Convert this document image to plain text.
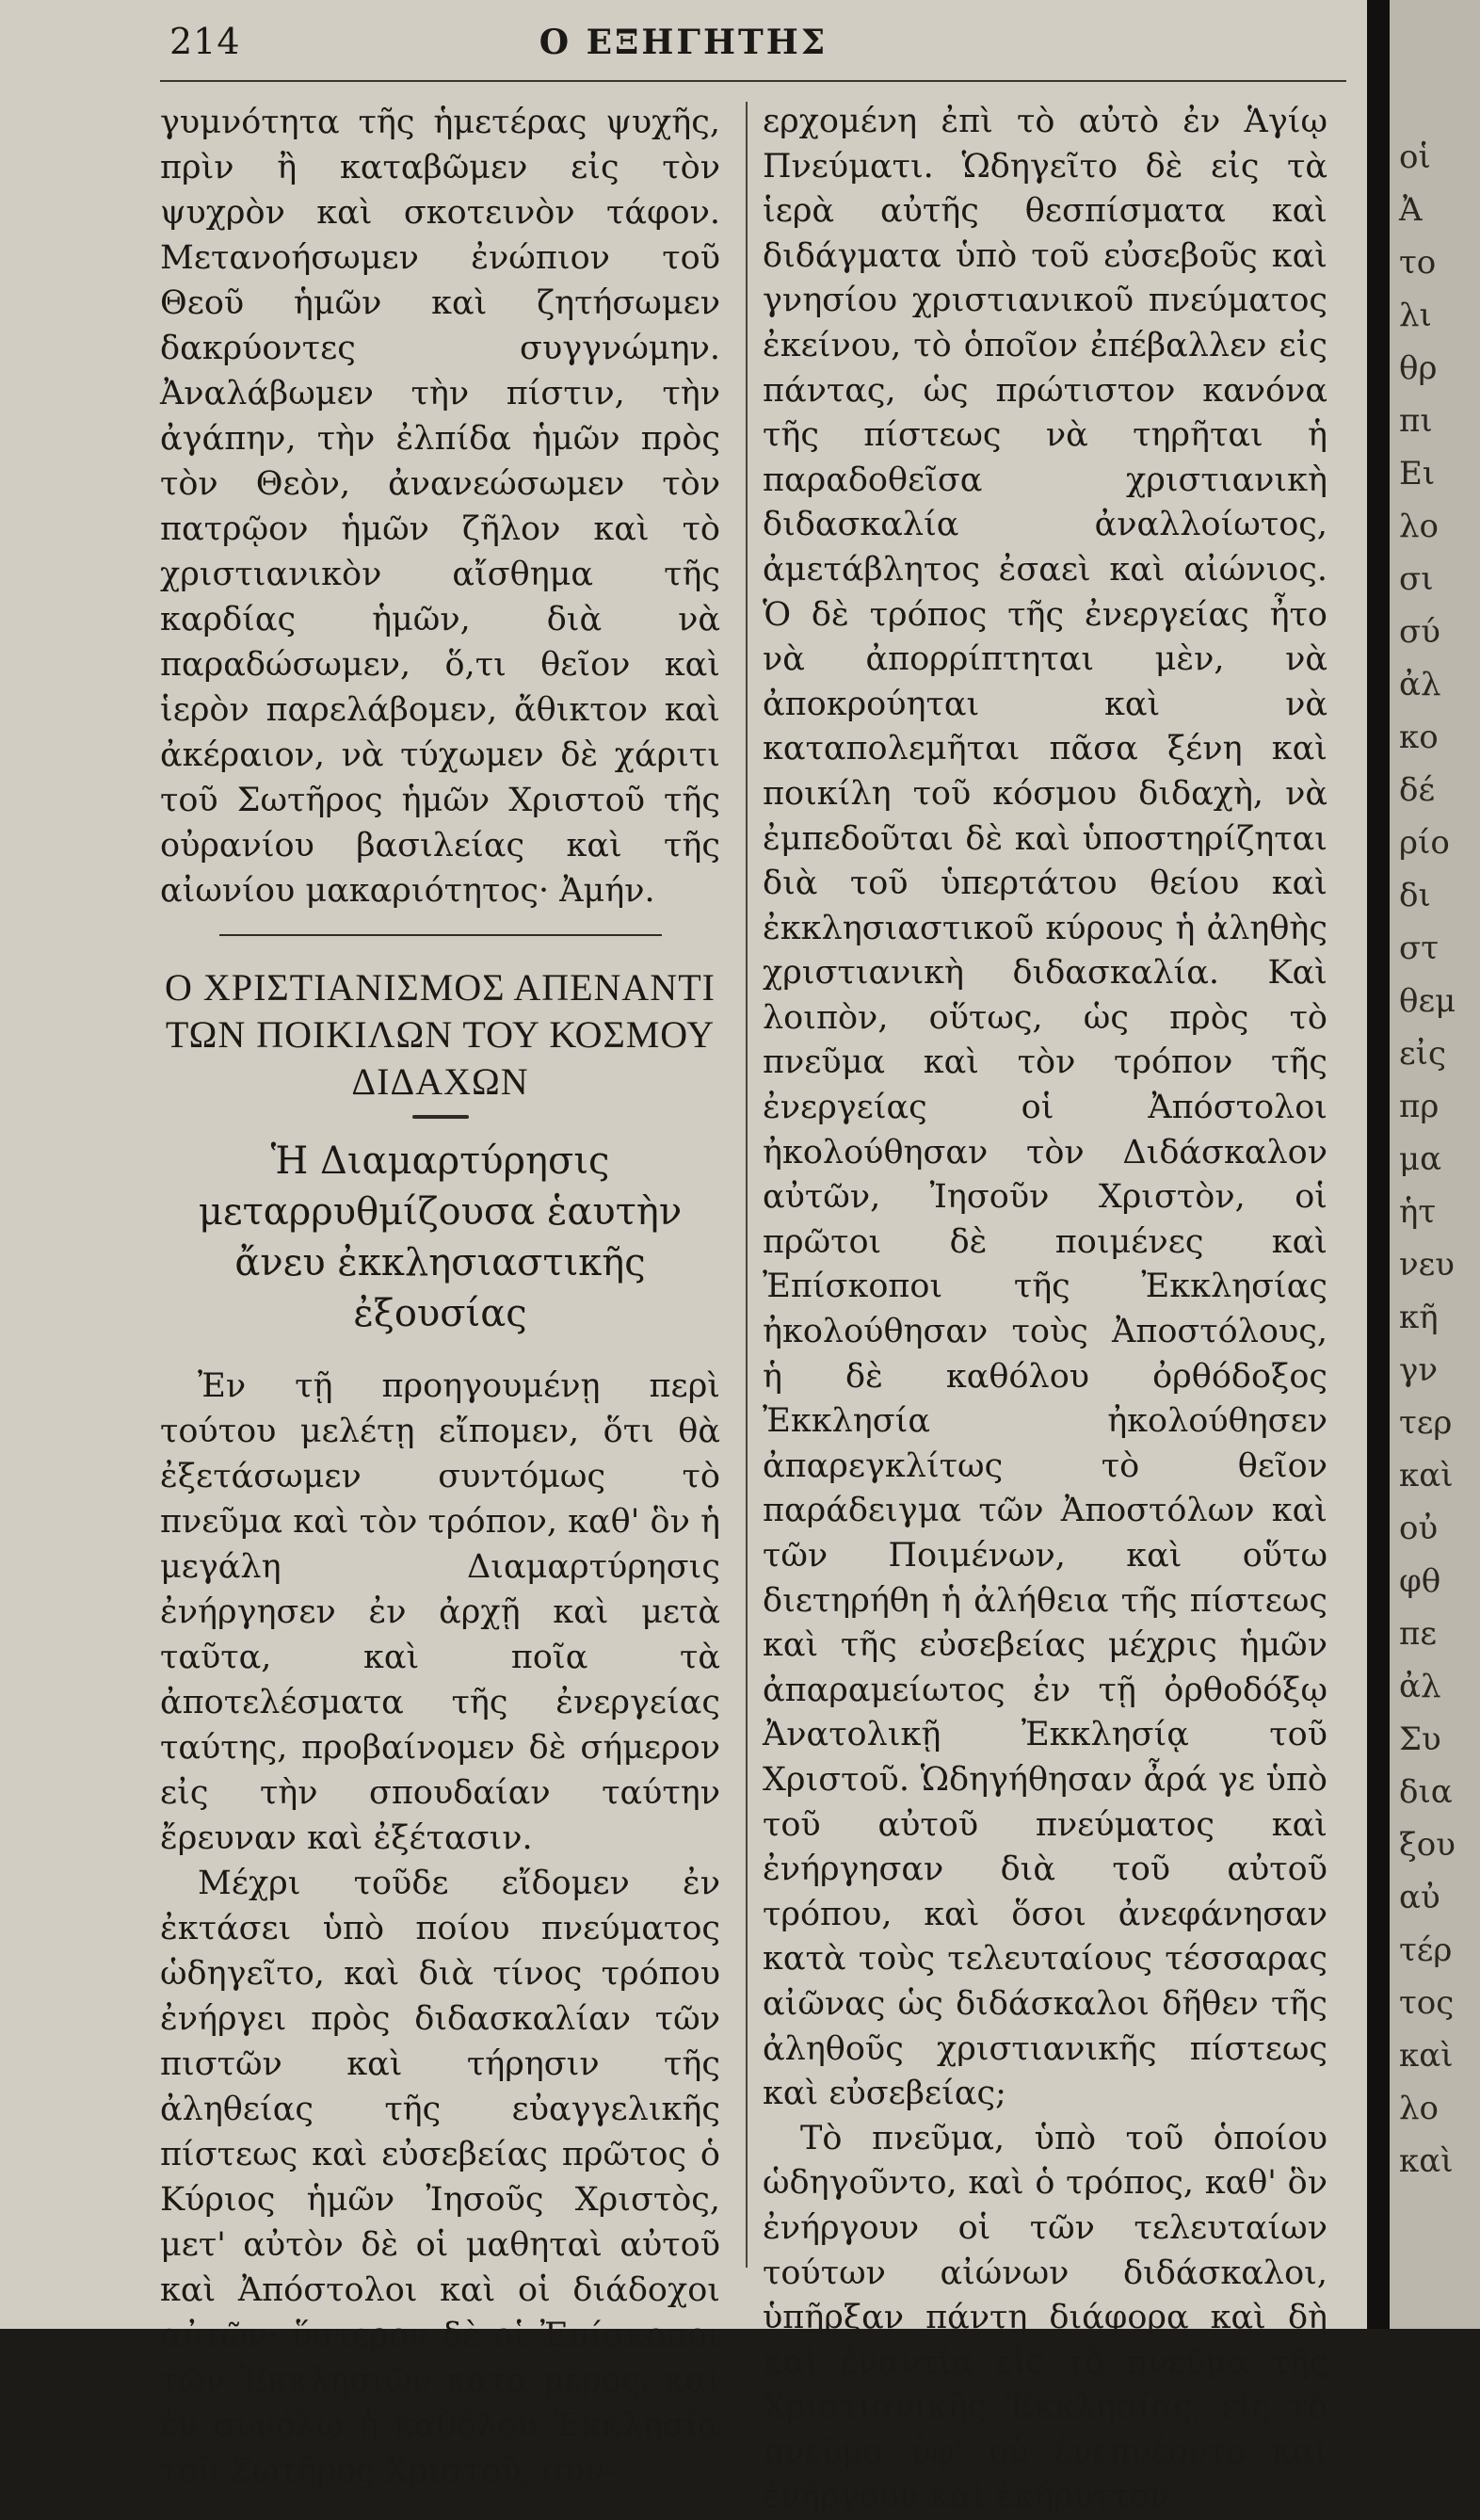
214	Ο ΕΞΗΓΗΤΗΣ

γυμνότητα τῆς ἡμετέρας ψυχῆς, πρὶν ἢ καταβῶμεν εἰς τὸν ψυχρὸν καὶ σκοτεινὸν τάφον. Μετανοήσωμεν ἐνώπιον τοῦ Θεοῦ ἡμῶν καὶ ζητήσωμεν δακρύοντες συγγνώμην. Ἀναλάβωμεν τὴν πίστιν, τὴν ἀγάπην, τὴν ἐλπίδα ἡμῶν πρὸς τὸν Θεὸν, ἀνανεώσωμεν τὸν πατρῷον ἡμῶν ζῆλον καὶ τὸ χριστιανικὸν αἴσθημα τῆς καρδίας ἡμῶν, διὰ νὰ παραδώσωμεν, ὅ,τι θεῖον καὶ ἱερὸν παρελάβομεν, ἄθικτον καὶ ἀκέραιον, νὰ τύχωμεν δὲ χάριτι τοῦ Σωτῆρος ἡμῶν Χριστοῦ τῆς οὐρανίου βασιλείας καὶ τῆς αἰωνίου μακαριότητος· Ἀμήν.

Ο ΧΡΙΣΤΙΑΝΙΣΜΟΣ ΑΠΕΝΑΝΤΙ ΤΩΝ ΠΟΙΚΙΛΩΝ ΤΟΥ ΚΟΣΜΟΥ ΔΙΔΑΧΩΝ
Ἡ Διαμαρτύρησις μεταρρυθμίζουσα ἑαυτὴν ἄνευ ἐκκλησιαστικῆς ἐξουσίας

Ἐν τῇ προηγουμένῃ περὶ τούτου μελέτῃ εἴπομεν, ὅτι θὰ ἐξετάσωμεν συντόμως τὸ πνεῦμα καὶ τὸν τρόπον, καθ' ὃν ἡ μεγάλη Διαμαρτύρησις ἐνήργησεν ἐν ἀρχῇ καὶ μετὰ ταῦτα, καὶ ποῖα τὰ ἀποτελέσματα τῆς ἐνεργείας ταύτης, προβαίνομεν δὲ σήμερον εἰς τὴν σπουδαίαν ταύτην ἔρευναν καὶ ἐξέτασιν.

Μέχρι τοῦδε εἴδομεν ἐν ἐκτάσει ὑπὸ ποίου πνεύματος ὡδηγεῖτο, καὶ διὰ τίνος τρόπου ἐνήργει πρὸς διδασκαλίαν τῶν πιστῶν καὶ τήρησιν τῆς ἀληθείας τῆς εὐαγγελικῆς πίστεως καὶ εὐσεβείας πρῶτος ὁ Κύριος ἡμῶν Ἰησοῦς Χριστὸς, μετ' αὐτὸν δὲ οἱ μαθηταὶ αὐτοῦ καὶ Ἀπόστολοι καὶ οἱ διάδοχοι αὐτῶν· ὕστερον δὲ οἱ Ἐπίσκοποι τῶν Ἐκκλησιῶν κατὰ μέρος, καὶ ἐν συνόλῳ ἡ καθόλου Ἐκκλησία τοῦ Σωτῆρος Χριστοῦ, συν-

ερχομένη ἐπὶ τὸ αὐτὸ ἐν Ἁγίῳ Πνεύματι. Ὡδηγεῖτο δὲ εἰς τὰ ἱερὰ αὐτῆς θεσπίσματα καὶ διδάγματα ὑπὸ τοῦ εὐσεβοῦς καὶ γνησίου χριστιανικοῦ πνεύματος ἐκείνου, τὸ ὁποῖον ἐπέβαλλεν εἰς πάντας, ὡς πρώτιστον κανόνα τῆς πίστεως νὰ τηρῆται ἡ παραδοθεῖσα χριστιανικὴ διδασκαλία ἀναλλοίωτος, ἀμετάβλητος ἐσαεὶ καὶ αἰώνιος. Ὁ δὲ τρόπος τῆς ἐνεργείας ἦτο νὰ ἀπορρίπτηται μὲν, νὰ ἀποκρούηται καὶ νὰ καταπολεμῆται πᾶσα ξένη καὶ ποικίλη τοῦ κόσμου διδαχὴ, νὰ ἐμπεδοῦται δὲ καὶ ὑποστηρίζηται διὰ τοῦ ὑπερτάτου θείου καὶ ἐκκλησιαστικοῦ κύρους ἡ ἀληθὴς χριστιανικὴ διδασκαλία. Καὶ λοιπὸν, οὕτως, ὡς πρὸς τὸ πνεῦμα καὶ τὸν τρόπον τῆς ἐνεργείας οἱ Ἀπόστολοι ἠκολούθησαν τὸν Διδάσκαλον αὐτῶν, Ἰησοῦν Χριστὸν, οἱ πρῶτοι δὲ ποιμένες καὶ Ἐπίσκοποι τῆς Ἐκκλησίας ἠκολούθησαν τοὺς Ἀποστόλους, ἡ δὲ καθόλου ὀρθόδοξος Ἐκκλησία ἠκολούθησεν ἀπαρεγκλίτως τὸ θεῖον παράδειγμα τῶν Ἀποστόλων καὶ τῶν Ποιμένων, καὶ οὕτω διετηρήθη ἡ ἀλήθεια τῆς πίστεως καὶ τῆς εὐσεβείας μέχρις ἡμῶν ἀπαραμείωτος ἐν τῇ ὀρθοδόξῳ Ἀνατολικῇ Ἐκκλησίᾳ τοῦ Χριστοῦ. Ὡδηγήθησαν ἆρά γε ὑπὸ τοῦ αὐτοῦ πνεύματος καὶ ἐνήργησαν διὰ τοῦ αὐτοῦ τρόπου, καὶ ὅσοι ἀνεφάνησαν κατὰ τοὺς τελευταίους τέσσαρας αἰῶνας ὡς διδάσκαλοι δῆθεν τῆς ἀληθοῦς χριστιανικῆς πίστεως καὶ εὐσεβείας;

Τὸ πνεῦμα, ὑπὸ τοῦ ὁποίου ὡδηγοῦντο, καὶ ὁ τρόπος, καθ' ὃν ἐνήργουν οἱ τῶν τελευταίων τούτων αἰώνων διδάσκαλοι, ὑπῆρξαν πάντῃ διάφορα καὶ δὴ καὶ ἐναντία εἰς τὸ πνεῦμα τῆς Χριστιανικῆς Ἐκκλησίας, εἰς τὸ πνεῦμα ὑφ' οὗ ἐνεπνέοντο καὶ ἐνήργουν καὶ ἐκήρυττον

οἱ
Ἀ
το
λι
θρ
πι
Ει
λο
σι
σύ
ἀλ
κο
δέ
ρίο
δι
στ
θεμ
εἰς
πρ
μα
ἡτ
νευ
κῆ
γν
τερ
καὶ
οὐ
φθ
πε
ἀλ
Συ
δια
ξου
αὐ
τέρ
τος
καὶ
λο
καὶ
